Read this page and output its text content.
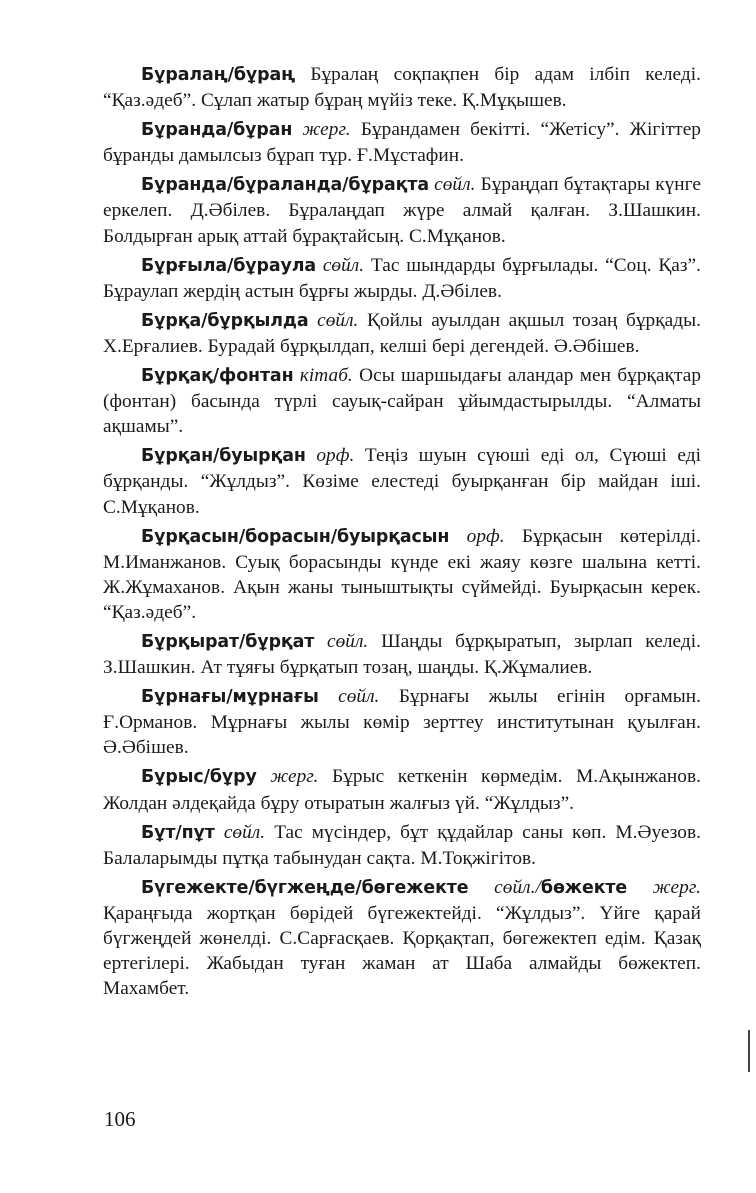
Бұралаң/бұраң Бұралаң соқпақпен бір адам ілбіп келеді. “Қаз.әдеб”. Сұлап жатыр бұраң мүйіз теке. Қ.Мұқышев.

Бұранда/бұран жерг. Бұрандамен бекітті. “Жетісу”. Жігіттер бұранды дамылсыз бұрап тұр. Ғ.Мұстафин.

Бұранда/бұраланда/бұрақта сөйл. Бұраңдап бұтақтары күнге еркелеп. Д.Әбілев. Бұралаңдап жүре алмай қалған. З.Шашкин. Болдырған арық аттай бұрақтайсың. С.Мұқанов.

Бұрғыла/бұраула сөйл. Тас шындарды бұрғылады. “Соц. Қаз”. Бұраулап жердің астын бұрғы жырды. Д.Әбілев.

Бұрқа/бұрқылда сөйл. Қойлы ауылдан ақшыл тозаң бұрқады. Х.Ерғалиев. Бурадай бұрқылдап, келші бері дегендей. Ә.Әбішев.

Бұрқақ/фонтан кітаб. Осы шаршыдағы аландар мен бұрқақтар (фонтан) басында түрлі сауық-сайран ұйымдастырылды. “Алматы ақшамы”.

Бұрқан/буырқан орф. Теңіз шуын сүюші еді ол, Сүюші еді бұрқанды. “Жұлдыз”. Көзіме елестеді буырқанған бір майдан іші. С.Мұқанов.

Бұрқасын/борасын/буырқасын орф. Бұрқасын көтерілді. М.Иманжанов. Суық борасынды күнде екі жаяу көзге шалына кетті. Ж.Жұмаханов. Ақын жаны тыныштықты сүймейді. Буырқасын керек. “Қаз.әдеб”.

Бұрқырат/бұрқат сөйл. Шаңды бұрқыратып, зырлап келеді. З.Шашкин. Ат тұяғы бұрқатып тозаң, шаңды. Қ.Жұмалиев.

Бұрнағы/мұрнағы сөйл. Бұрнағы жылы егінін орғамын. Ғ.Орманов. Мұрнағы жылы көмір зерттеу институтынан қуылған. Ә.Әбішев.

Бұрыс/бұру жерг. Бұрыс кеткенін көрмедім. М.Ақынжанов. Жолдан әлдеқайда бұру отыратын жалғыз үй. “Жұлдыз”.

Бұт/пұт сөйл. Тас мүсіндер, бұт құдайлар саны көп. М.Әуезов. Балаларымды пұтқа табынудан сақта. М.Тоқжігітов.

Бүгежекте/бүгжеңде/бөгежекте сөйл./бөжекте жерг. Қараңғыда жортқан бөрідей бүгежектейді. “Жұлдыз”. Үйге қарай бүгжеңдей жөнелді. С.Сарғасқаев. Қорқақтап, бөгежектеп едім. Қазақ ертегілері. Жабыдан туған жаман ат Шаба алмайды бөжектеп. Махамбет.

106
